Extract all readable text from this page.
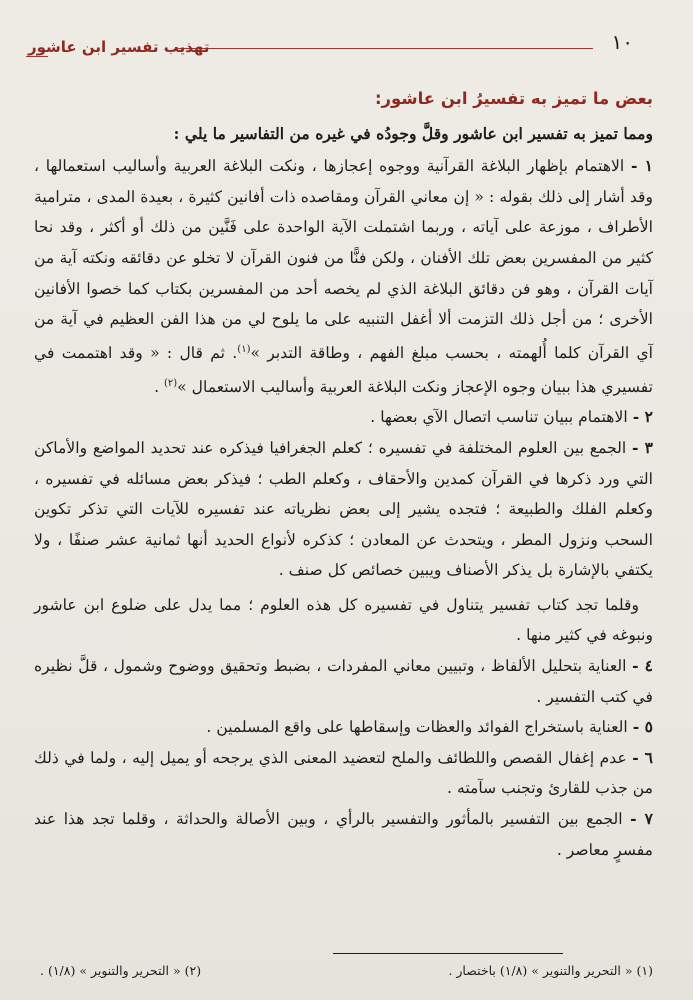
١٠
تهذيب تفسير ابن عاشور
بعض ما تميز به تفسيرُ ابن عاشور:

ومما تميز به تفسير ابن عاشور وقلَّ وجودُه في غيره من التفاسير ما يلي :

١ - الاهتمام بإظهار البلاغة القرآنية ووجوه إعجازها ، ونكت البلاغة العربية وأساليب استعمالها ، وقد أشار إلى ذلك بقوله : « إن معاني القرآن ومقاصده ذات أفانين كثيرة ، بعيدة المدى ، مترامية الأطراف ، موزعة على آياته ، وربما اشتملت الآية الواحدة على فَنَّين من ذلك أو أكثر ، وقد نحا كثير من المفسرين بعض تلك الأفنان ، ولكن فنًّا من فنون القرآن لا تخلو عن دقائقه ونكته آية من آيات القرآن ، وهو فن دقائق البلاغة الذي لم يخصه أحد من المفسرين بكتاب كما خصوا الأفانين الأخرى ؛ من أجل ذلك التزمت ألا أغفل التنبيه على ما يلوح لي من هذا الفن العظيم في آية من آي القرآن كلما أُلهمته ، بحسب مبلغ الفهم ، وطاقة التدبر »$^{(١)}$. ثم قال : « وقد اهتممت في تفسيري هذا ببيان وجوه الإعجاز ونكت البلاغة العربية وأساليب الاستعمال »$^{(٢)}$ .

٢ - الاهتمام ببيان تناسب اتصال الآي بعضها .

٣ - الجمع بين العلوم المختلفة في تفسيره ؛ كعلم الجغرافيا فيذكره عند تحديد المواضع والأماكن التي ورد ذكرها في القرآن كمدين والأحقاف ، وكعلم الطب ؛ فيذكر بعض مسائله في تفسيره ، وكعلم الفلك والطبيعة ؛ فتجده يشير إلى بعض نظرياته عند تفسيره للآيات التي تذكر تكوين السحب ونزول المطر ، ويتحدث عن المعادن ؛ كذكره لأنواع الحديد أنها ثمانية عشر صنفًا ، ولا يكتفي بالإشارة بل يذكر الأصناف ويبين خصائص كل صنف .

وقلما تجد كتاب تفسير يتناول في تفسيره كل هذه العلوم ؛ مما يدل على ضلوع ابن عاشور ونبوغه في كثير منها .

٤ - العناية بتحليل الألفاظ ، وتبيين معاني المفردات ، بضبط وتحقيق ووضوح وشمول ، قلَّ نظيره في كتب التفسير .

٥ - العناية باستخراج الفوائد والعظات وإسقاطها على واقع المسلمين .

٦ - عدم إغفال القصص واللطائف والملح لتعضيد المعنى الذي يرجحه أو يميل إليه ، ولما في ذلك من جذب للقارئ وتجنب سآمته .

٧ - الجمع بين التفسير بالمأثور والتفسير بالرأي ، وبين الأصالة والحداثة ، وقلما تجد هذا عند مفسرٍ معاصر .

(١) « التحرير والتنوير » (١/٨) باختصار .
(٢) « التحرير والتنوير » (١/٨) .
